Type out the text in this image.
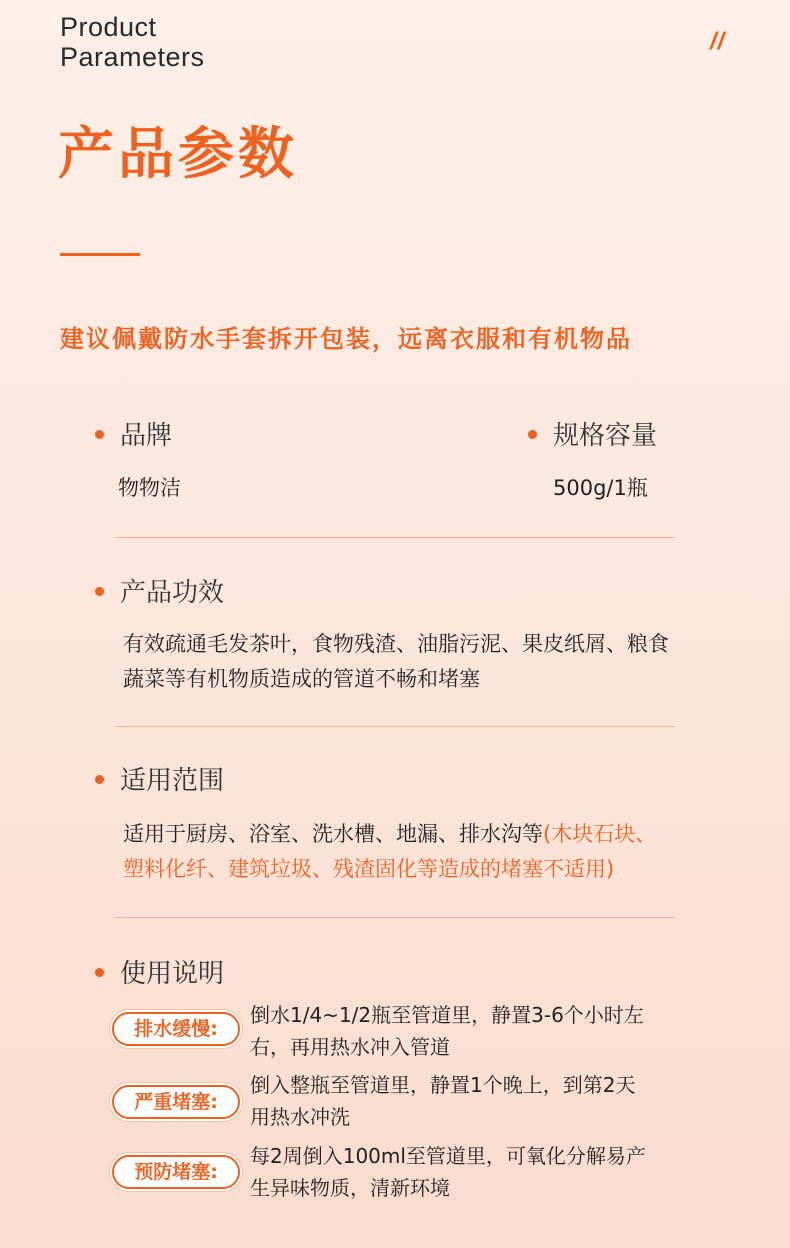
Product
Parameters
//
产品参数
建议佩戴防水手套拆开包装，远离衣服和有机物品
品牌
物物洁
规格容量
500g/1瓶
产品功效
有效疏通毛发茶叶，食物残渣、油脂污泥、果皮纸屑、粮食
蔬菜等有机物质造成的管道不畅和堵塞
适用范围
适用于厨房、浴室、洗水槽、地漏、排水沟等(木块石块、
塑料化纤、建筑垃圾、残渣固化等造成的堵塞不适用)
使用说明
排水缓慢:
倒水1/4~1/2瓶至管道里，静置3-6个小时左
右，再用热水冲入管道
严重堵塞:
倒入整瓶至管道里，静置1个晚上，到第2天
用热水冲洗
预防堵塞:
每2周倒入100ml至管道里，可氧化分解易产
生异味物质，清新环境
